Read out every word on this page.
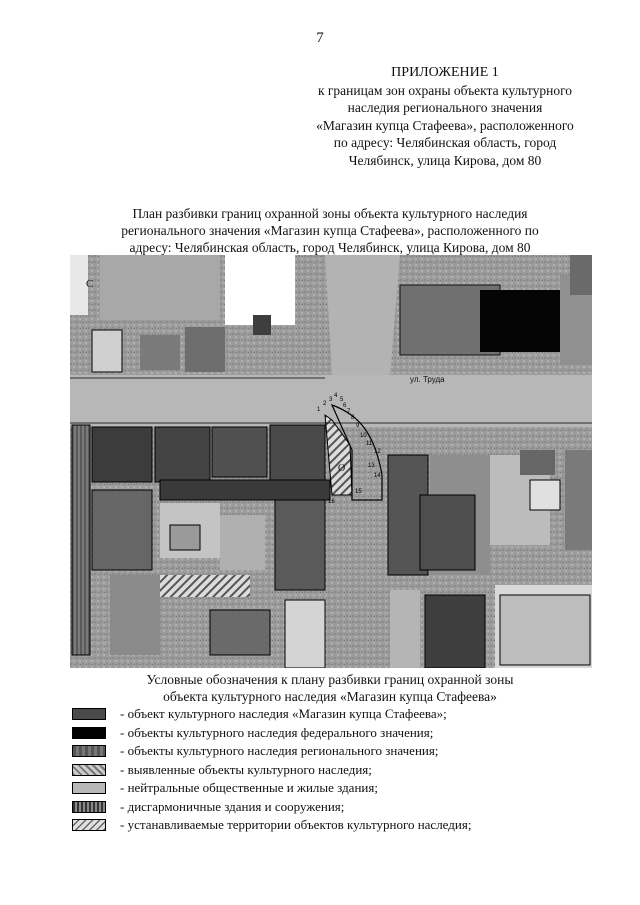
7
ПРИЛОЖЕНИЕ 1
к границам зон охраны объекта культурного
наследия регионального значения
«Магазин купца Стафеева», расположенного
по адресу: Челябинская область, город
Челябинск, улица Кирова, дом 80
План разбивки границ охранной зоны объекта культурного наследия
регионального значения «Магазин купца Стафеева», расположенного по
адресу: Челябинская область, город Челябинск, улица Кирова, дом 80
ул. Труда
С
О
1
2
3
4
5
6
7
8
9
10
11
12
13
14
15
16
Условные обозначения к плану разбивки границ охранной зоны
объекта культурного наследия «Магазин купца Стафеева»
- объект культурного наследия «Магазин купца Стафеева»;
- объекты культурного наследия федерального значения;
- объекты культурного наследия регионального значения;
- выявленные объекты культурного наследия;
- нейтральные общественные и жилые здания;
- дисгармоничные здания и сооружения;
- устанавливаемые территории объектов культурного наследия;
